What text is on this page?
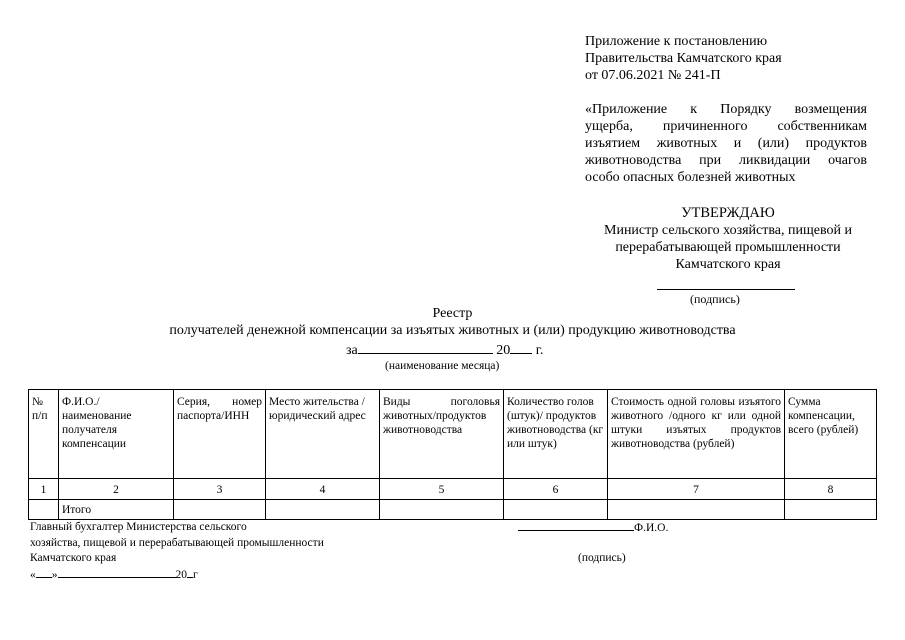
Приложение к постановлению
Правительства Камчатского края
от 07.06.2021 № 241-П
«Приложение к Порядку возмещения
ущерба, причиненного собственникам
изъятием животных и (или) продуктов
животноводства при ликвидации очагов
особо опасных болезней животных
УТВЕРЖДАЮ
Министр сельского хозяйства, пищевой и
перерабатывающей промышленности
Камчатского края
(подпись)
Реестр
получателей денежной компенсации за изъятых животных и (или) продукцию животноводства
за	20 г.
(наименование месяца)
№ п/п	Ф.И.О./ наименование получателя компенсации	Серия, номер паспорта/ИНН	Место жительства / юридический адрес	Виды поголовья животных/продуктов животноводства	Количество голов (штук)/ продуктов животноводства (кг или штук)	Стоимость одной головы изъятого животного /одного кг или одной штуки изъятых продуктов животноводства (рублей)	Сумма компенсации, всего (рублей)
1	2	3	4	5	6	7	8
	Итого						
Главный бухгалтер Министерства сельского
хозяйства, пищевой и перерабатывающей промышленности
Камчатского края
Ф.И.О.
(подпись)
« »	20 г
